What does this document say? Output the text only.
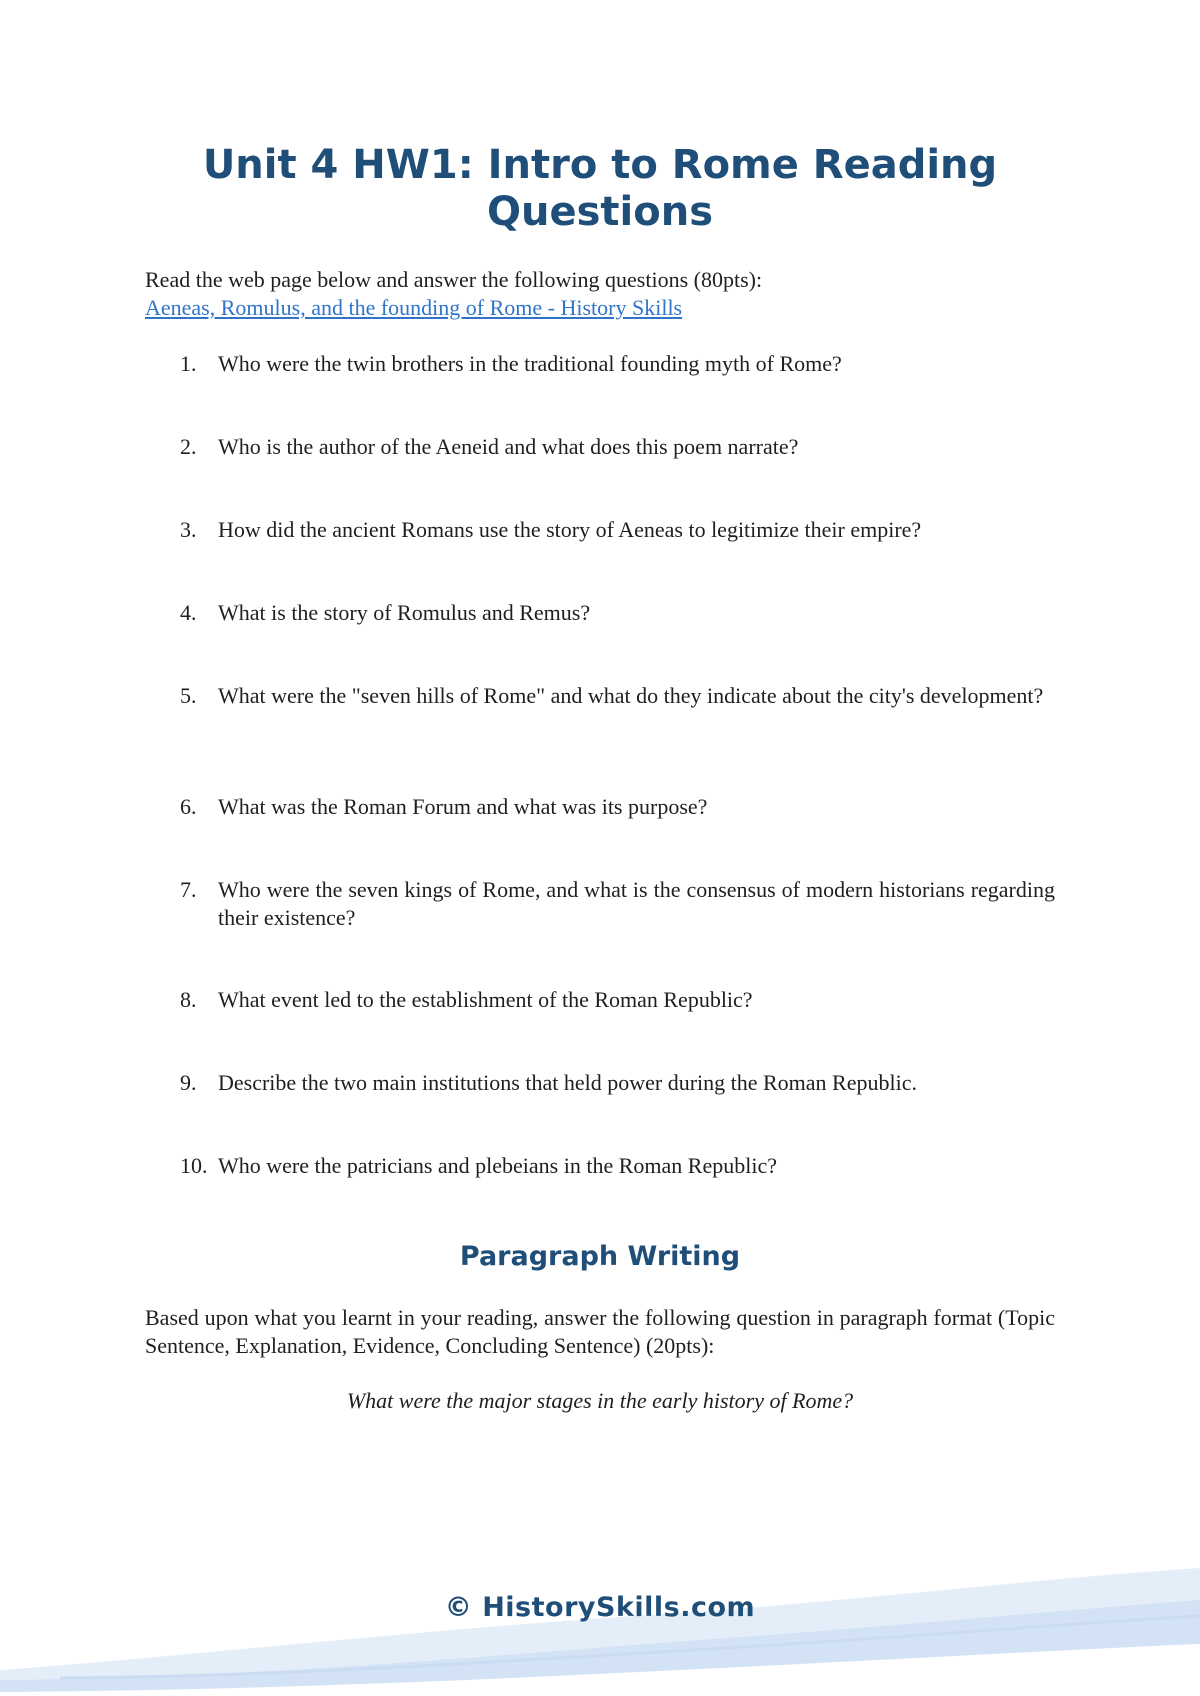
Unit 4 HW1: Intro to Rome Reading Questions

Read the web page below and answer the following questions (80pts):
Aeneas, Romulus, and the founding of Rome - History Skills

1. Who were the twin brothers in the traditional founding myth of Rome?
2. Who is the author of the Aeneid and what does this poem narrate?
3. How did the ancient Romans use the story of Aeneas to legitimize their empire?
4. What is the story of Romulus and Remus?
5. What were the "seven hills of Rome" and what do they indicate about the city's development?
6. What was the Roman Forum and what was its purpose?
7. Who were the seven kings of Rome, and what is the consensus of modern historians regarding their existence?
8. What event led to the establishment of the Roman Republic?
9. Describe the two main institutions that held power during the Roman Republic.
10. Who were the patricians and plebeians in the Roman Republic?
Paragraph Writing

Based upon what you learnt in your reading, answer the following question in paragraph format (Topic Sentence, Explanation, Evidence, Concluding Sentence) (20pts):

What were the major stages in the early history of Rome?

© HistorySkills.com
